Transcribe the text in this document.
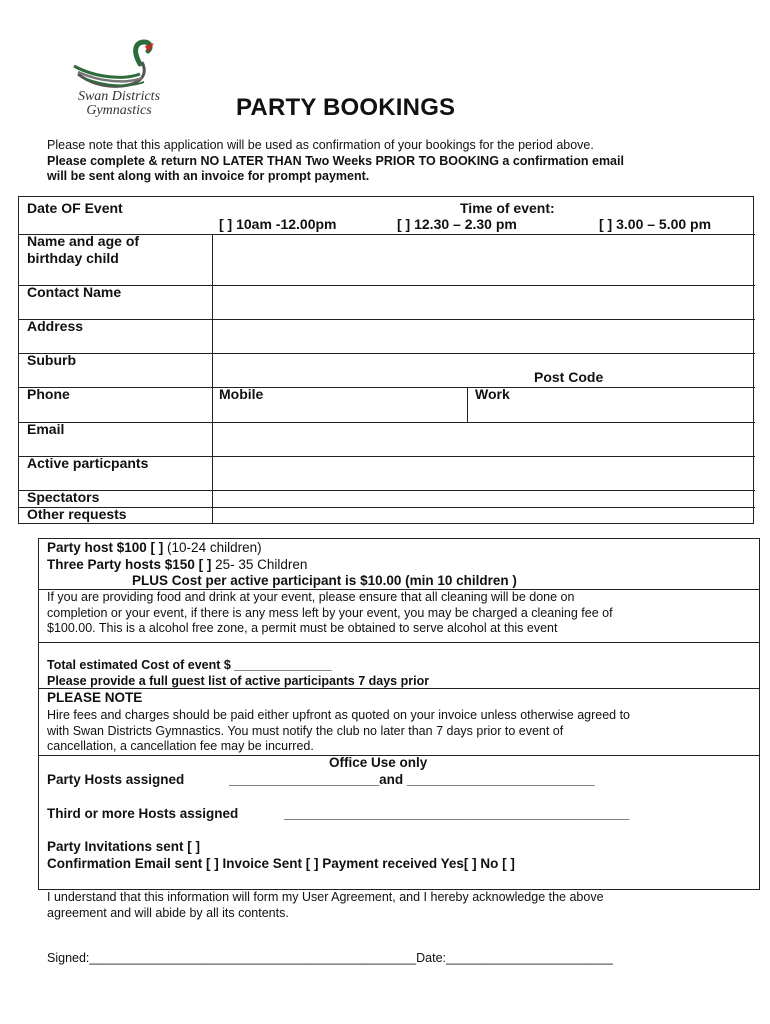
Swan Districts
Gymnastics	PARTY BOOKINGS
Please note that this application will be used as confirmation of your bookings for the period above.
Please complete & return NO LATER THAN Two Weeks PRIOR TO BOOKING a confirmation email
will be sent along with an invoice for prompt payment.
Date OF Event	Time of event:
[ ] 10am -12.00pm	[ ] 12.30 – 2.30 pm	[ ] 3.00 – 5.00 pm
Name and age of
birthday child
Contact Name
Address
Suburb
Post Code
Phone	Mobile	Work
Email
Active particpants
Spectators
Other requests
Party host $100 [ ] (10-24 children)
Three Party hosts $150 [ ] 25- 35 Children
PLUS Cost per active participant is $10.00 (min 10 children )
If you are providing food and drink at your event, please ensure that all cleaning will be done on
completion or your event, if there is any mess left by your event, you may be charged a cleaning fee of
$100.00. This is a alcohol free zone, a permit must be obtained to serve alcohol at this event
Total estimated Cost of event $ ______________
Please provide a full guest list of active participants 7 days prior
PLEASE NOTE
Hire fees and charges should be paid either upfront as quoted on your invoice unless otherwise agreed to
with Swan Districts Gymnastics. You must notify the club no later than 7 days prior to event of
cancellation, a cancellation fee may be incurred.
Office Use only
Party Hosts assigned	____________________and _________________________
Third or more Hosts assigned	______________________________________________
Party Invitations sent [ ]
Confirmation Email sent [ ] Invoice Sent [ ] Payment received Yes[ ] No [ ]
I understand that this information will form my User Agreement, and I hereby acknowledge the above
agreement and will abide by all its contents.
Signed:_______________________________________________Date:________________________
